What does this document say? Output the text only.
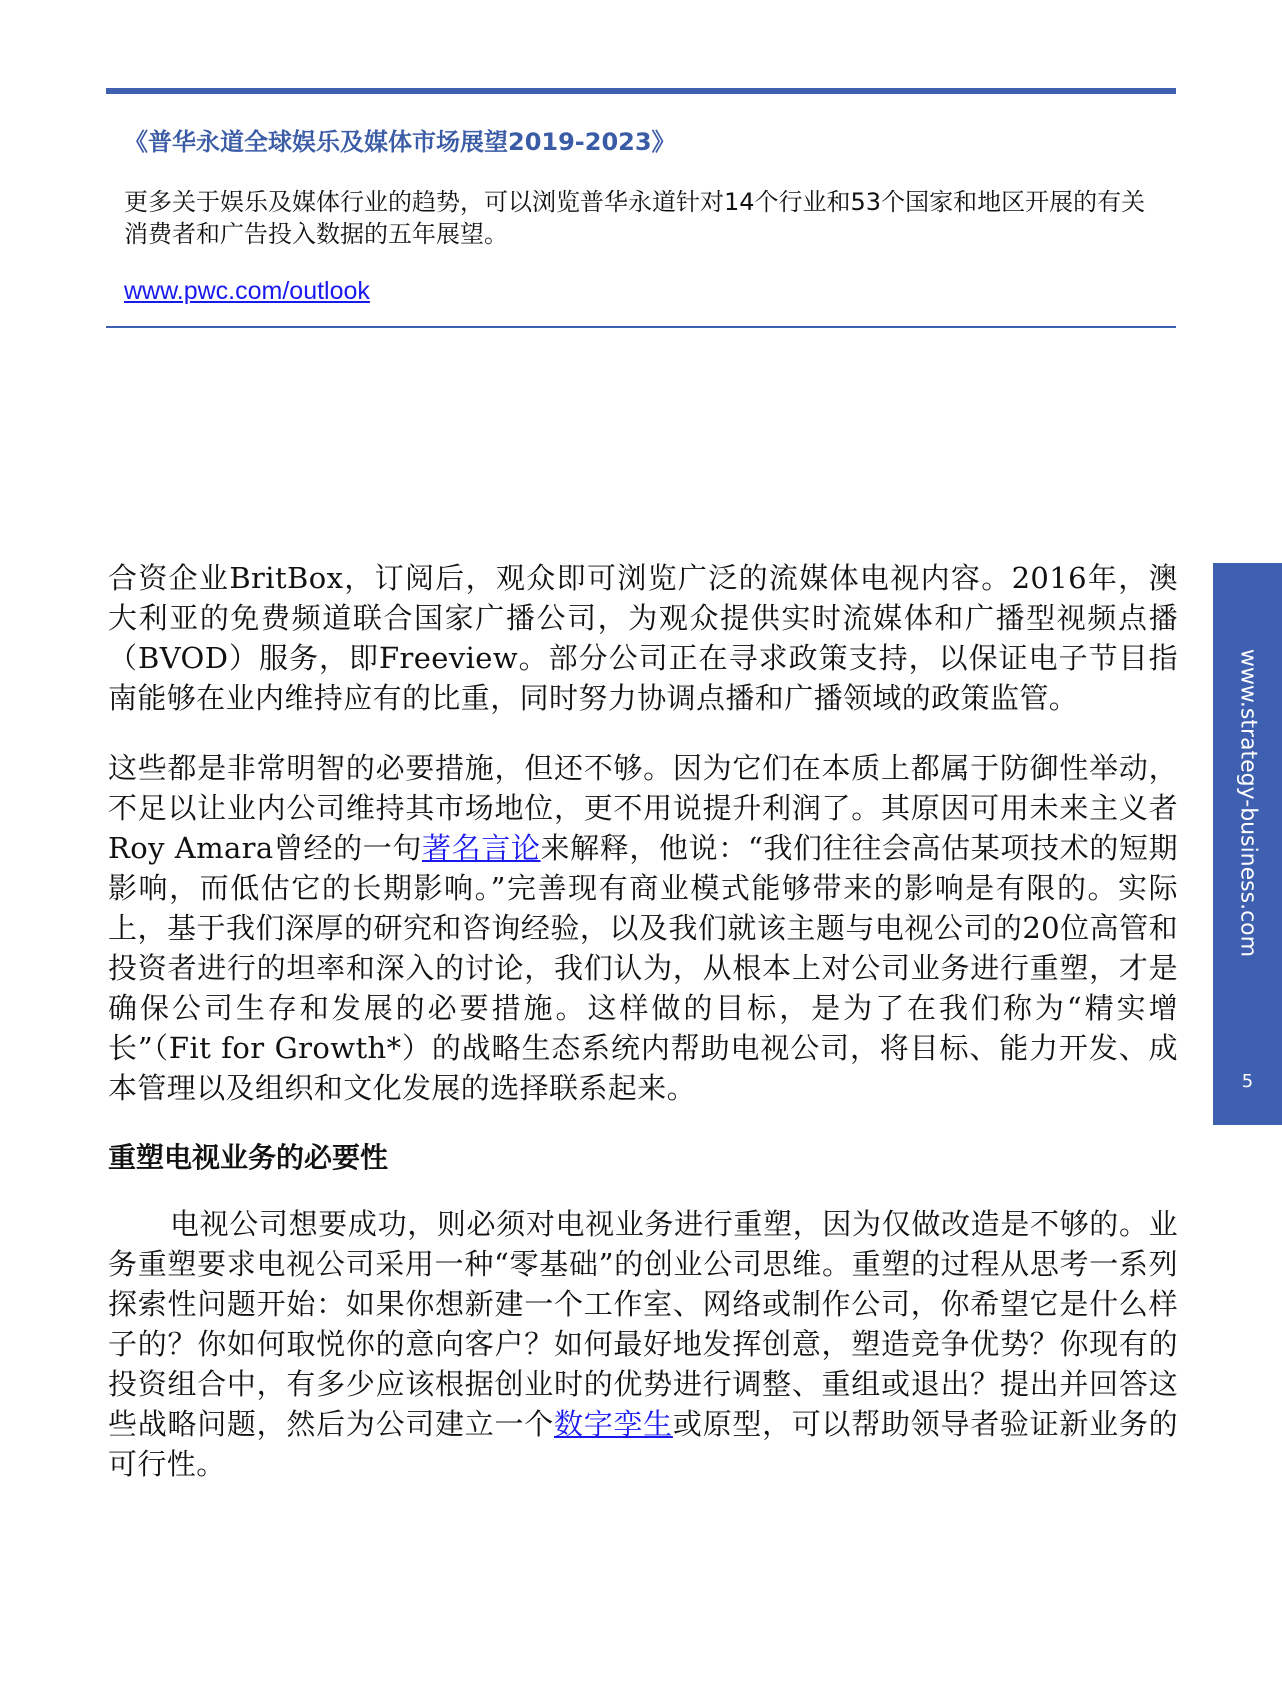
《普华永道全球娱乐及媒体市场展望2019-2023》
更多关于娱乐及媒体行业的趋势，可以浏览普华永道针对14个行业和53个国家和地区开展的有关消费者和广告投入数据的五年展望。
www.pwc.com/outlook

合资企业BritBox，订阅后，观众即可浏览广泛的流媒体电视内容。2016年，澳大利亚的免费频道联合国家广播公司，为观众提供实时流媒体和广播型视频点播（BVOD）服务，即Freeview。部分公司正在寻求政策支持，以保证电子节目指南能够在业内维持应有的比重，同时努力协调点播和广播领域的政策监管。

这些都是非常明智的必要措施，但还不够。因为它们在本质上都属于防御性举动，不足以让业内公司维持其市场地位，更不用说提升利润了。其原因可用未来主义者Roy Amara曾经的一句著名言论来解释，他说：“我们往往会高估某项技术的短期影响，而低估它的长期影响。”完善现有商业模式能够带来的影响是有限的。实际上，基于我们深厚的研究和咨询经验，以及我们就该主题与电视公司的20位高管和投资者进行的坦率和深入的讨论，我们认为，从根本上对公司业务进行重塑，才是确保公司生存和发展的必要措施。这样做的目标，是为了在我们称为“精实增长”（Fit for Growth*）的战略生态系统内帮助电视公司，将目标、能力开发、成本管理以及组织和文化发展的选择联系起来。

重塑电视业务的必要性

电视公司想要成功，则必须对电视业务进行重塑，因为仅做改造是不够的。业务重塑要求电视公司采用一种“零基础”的创业公司思维。重塑的过程从思考一系列探索性问题开始：如果你想新建一个工作室、网络或制作公司，你希望它是什么样子的？你如何取悦你的意向客户？如何最好地发挥创意，塑造竞争优势？你现有的投资组合中，有多少应该根据创业时的优势进行调整、重组或退出？提出并回答这些战略问题，然后为公司建立一个数字孪生或原型，可以帮助领导者验证新业务的可行性。

www.strategy-business.com
5
